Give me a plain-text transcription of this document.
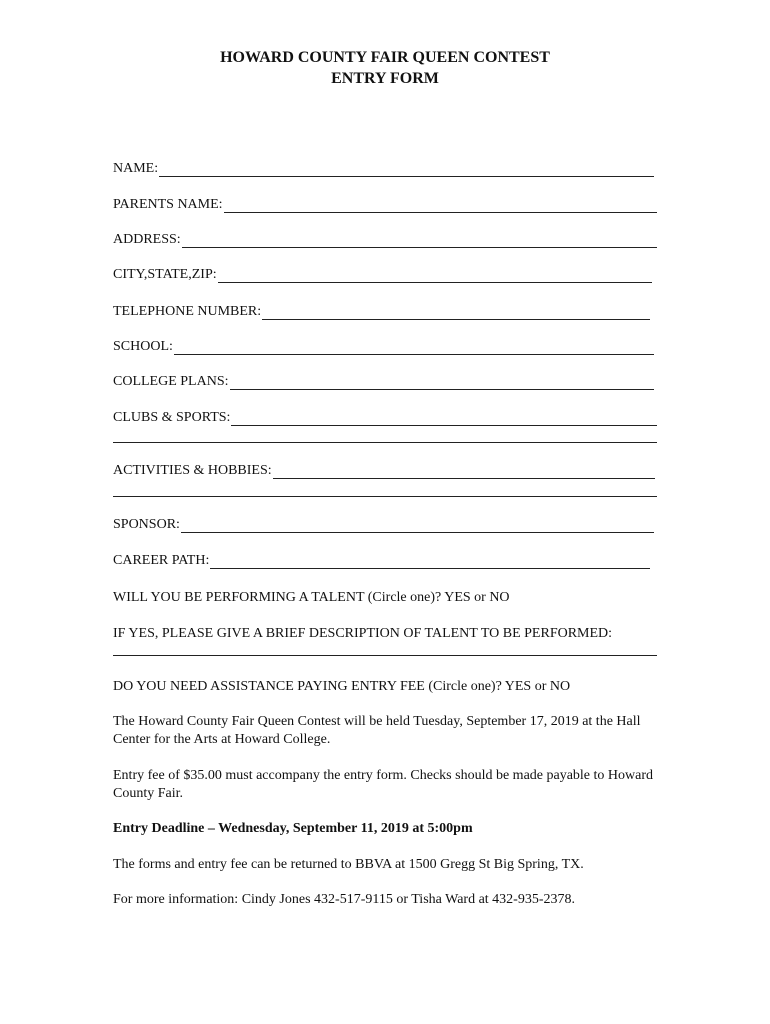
HOWARD COUNTY FAIR QUEEN CONTEST
ENTRY FORM
NAME:
PARENTS NAME:
ADDRESS:
CITY,STATE,ZIP:
TELEPHONE NUMBER:
SCHOOL:
COLLEGE PLANS:
CLUBS & SPORTS:
ACTIVITIES & HOBBIES:
SPONSOR:
CAREER PATH:
WILL YOU BE PERFORMING A TALENT (Circle one)? YES or NO
IF YES, PLEASE GIVE A BRIEF DESCRIPTION OF TALENT TO BE PERFORMED:
DO YOU NEED ASSISTANCE PAYING ENTRY FEE (Circle one)? YES or NO
The Howard County Fair Queen Contest will be held Tuesday, September 17, 2019 at the Hall Center for the Arts at Howard College.
Entry fee of $35.00 must accompany the entry form. Checks should be made payable to Howard County Fair.
Entry Deadline – Wednesday, September 11, 2019 at 5:00pm
The forms and entry fee can be returned to BBVA at 1500 Gregg St Big Spring, TX.
For more information: Cindy Jones 432-517-9115 or Tisha Ward at 432-935-2378.
